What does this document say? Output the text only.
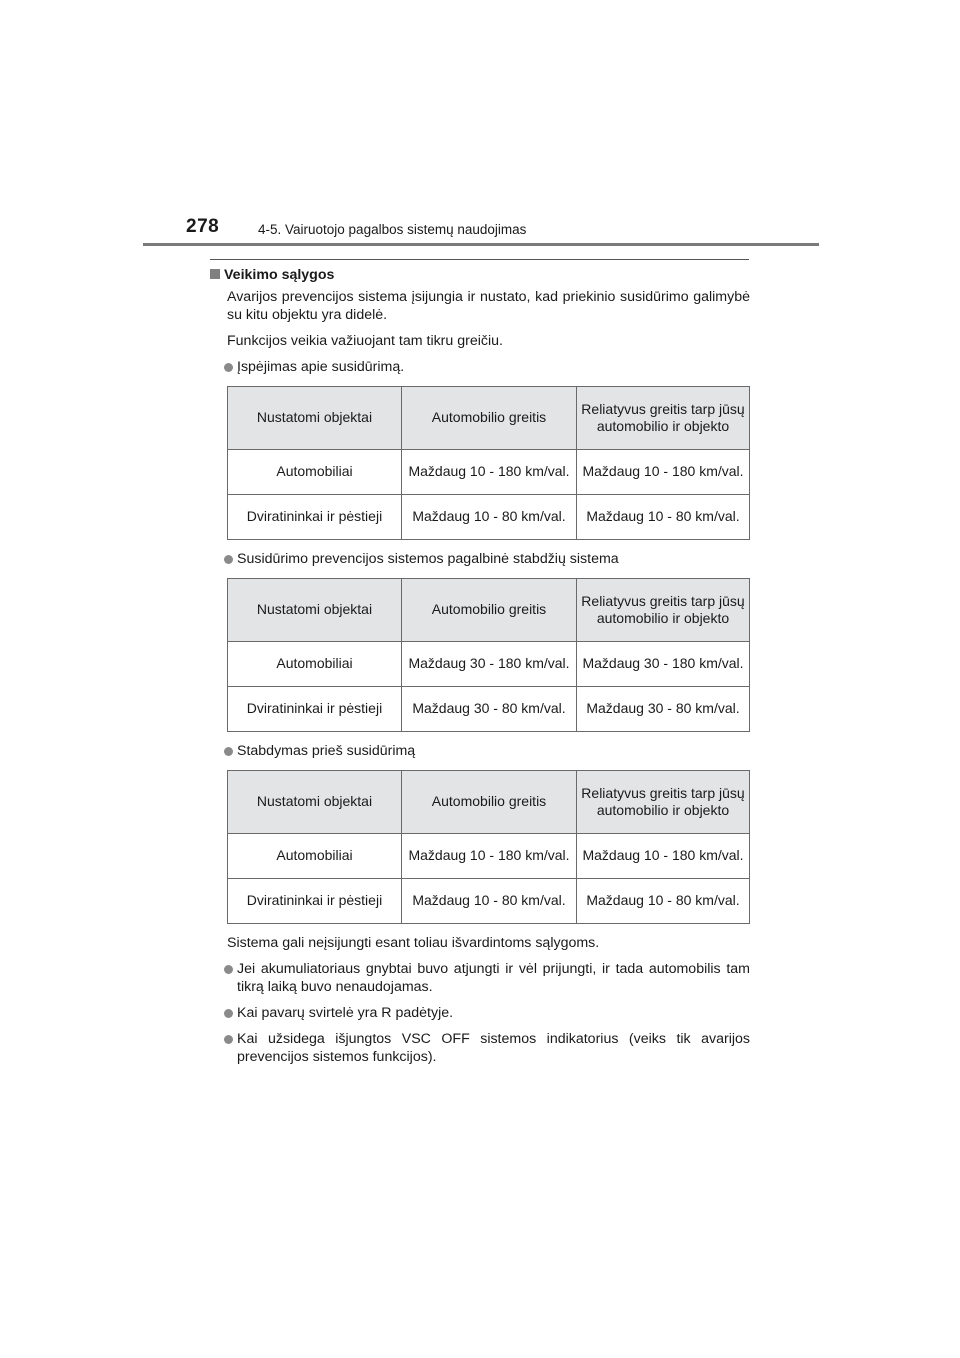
278	4-5. Vairuotojo pagalbos sistemų naudojimas
Veikimo sąlygos

Avarijos prevencijos sistema įsijungia ir nustato, kad priekinio susidūrimo galimybė su kitu objektu yra didelė.

Funkcijos veikia važiuojant tam tikru greičiu.

Įspėjimas apie susidūrimą.
Nustatomi objektai	Automobilio greitis	Reliatyvus greitis tarp jūsų automobilio ir objekto
Automobiliai	Maždaug 10 - 180 km/val.	Maždaug 10 - 180 km/val.
Dviratininkai ir pėstieji	Maždaug 10 - 80 km/val.	Maždaug 10 - 80 km/val.
Susidūrimo prevencijos sistemos pagalbinė stabdžių sistema
Nustatomi objektai	Automobilio greitis	Reliatyvus greitis tarp jūsų automobilio ir objekto
Automobiliai	Maždaug 30 - 180 km/val.	Maždaug 30 - 180 km/val.
Dviratininkai ir pėstieji	Maždaug 30 - 80 km/val.	Maždaug 30 - 80 km/val.
Stabdymas prieš susidūrimą
Nustatomi objektai	Automobilio greitis	Reliatyvus greitis tarp jūsų automobilio ir objekto
Automobiliai	Maždaug 10 - 180 km/val.	Maždaug 10 - 180 km/val.
Dviratininkai ir pėstieji	Maždaug 10 - 80 km/val.	Maždaug 10 - 80 km/val.

Sistema gali neįsijungti esant toliau išvardintoms sąlygoms.

Jei akumuliatoriaus gnybtai buvo atjungti ir vėl prijungti, ir tada automobilis tam tikrą laiką buvo nenaudojamas.
Kai pavarų svirtelė yra R padėtyje.
Kai užsidega išjungtos VSC OFF sistemos indikatorius (veiks tik avarijos prevencijos sistemos funkcijos).
